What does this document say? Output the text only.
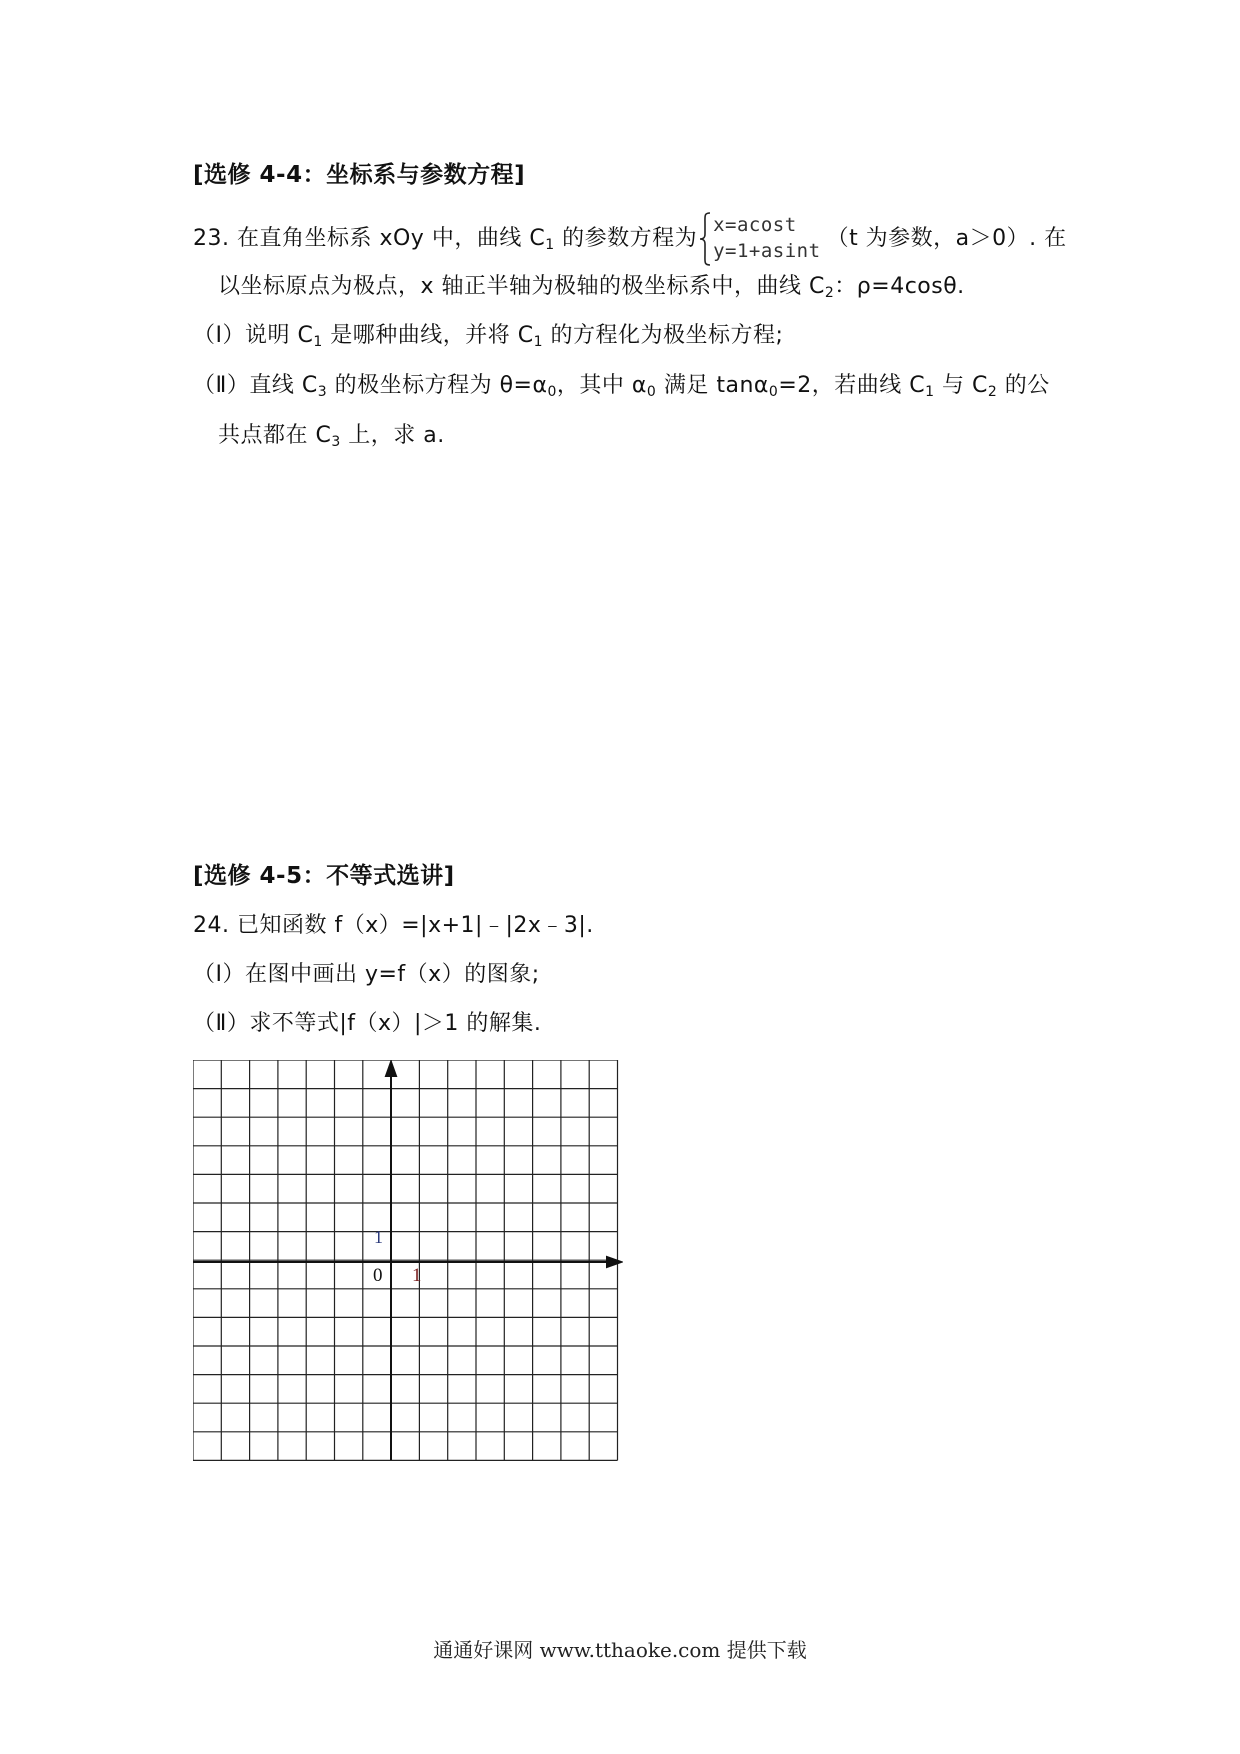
[选修 4-4：坐标系与参数方程]
23. 在直角坐标系 xOy 中，曲线 $C_1$ 的参数方程为
x=acost
y=1+asint （t 为参数，a＞0）. 在
以坐标原点为极点，x 轴正半轴为极轴的极坐标系中，曲线 $C_2$：ρ=4cosθ.
（Ⅰ）说明 $C_1$ 是哪种曲线，并将 $C_1$ 的方程化为极坐标方程;
（Ⅱ）直线 $C_3$ 的极坐标方程为 $\theta=\alpha_0$，其中 $\alpha_0$ 满足 tanα$_0$=2，若曲线 $C_1$ 与 $C_2$ 的公
共点都在 $C_3$ 上，求 a.
[选修 4-5：不等式选讲]
24. 已知函数 f（x）=|x+1|﹣|2x﹣3|.
（Ⅰ）在图中画出 y=f（x）的图象;
（Ⅱ）求不等式|f（x）|＞1 的解集.
1
0 1
通通好课网 www.tthaoke.com 提供下载
